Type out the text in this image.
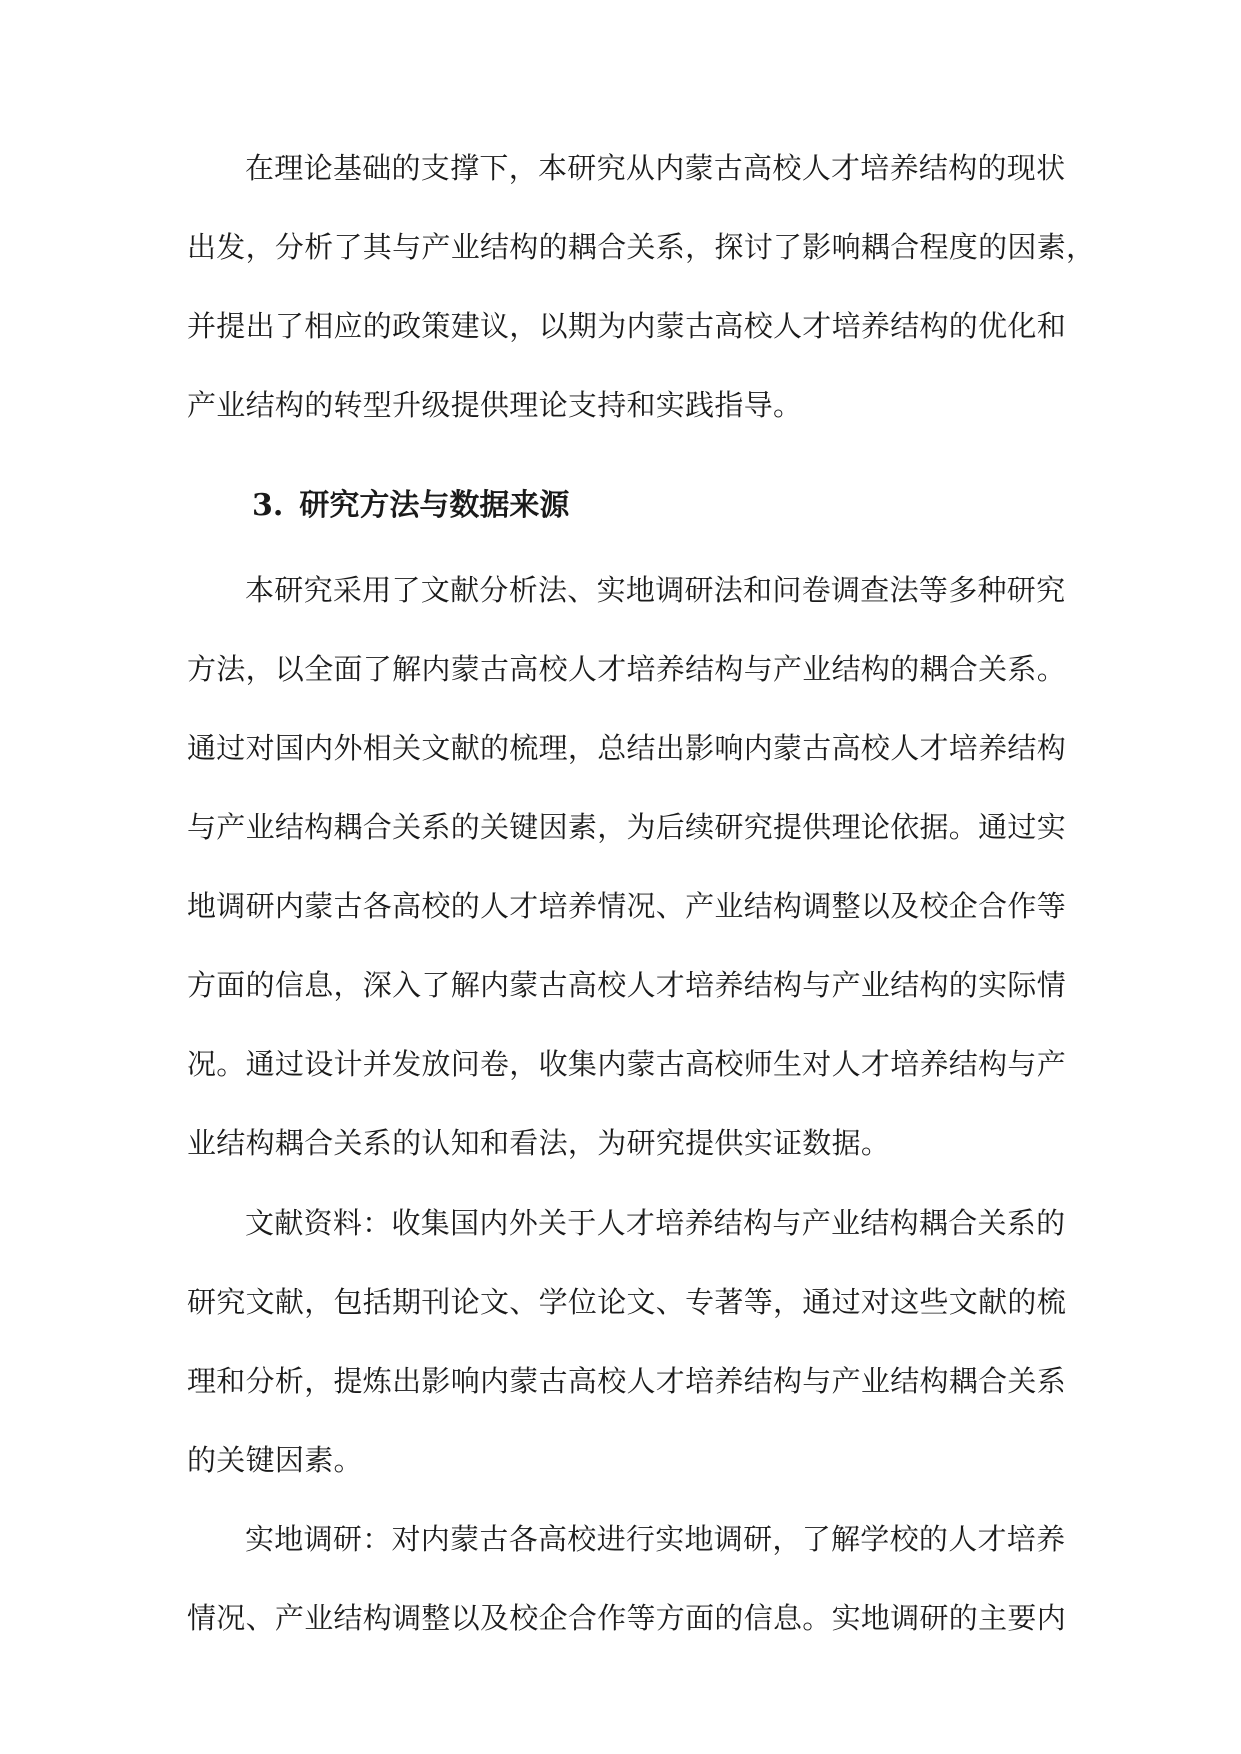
在理论基础的支撑下，本研究从内蒙古高校人才培养结构的现状
出发，分析了其与产业结构的耦合关系，探讨了影响耦合程度的因素，
并提出了相应的政策建议，以期为内蒙古高校人才培养结构的优化和
产业结构的转型升级提供理论支持和实践指导。
3. 研究方法与数据来源
本研究采用了文献分析法、实地调研法和问卷调查法等多种研究
方法，以全面了解内蒙古高校人才培养结构与产业结构的耦合关系。
通过对国内外相关文献的梳理，总结出影响内蒙古高校人才培养结构
与产业结构耦合关系的关键因素，为后续研究提供理论依据。通过实
地调研内蒙古各高校的人才培养情况、产业结构调整以及校企合作等
方面的信息，深入了解内蒙古高校人才培养结构与产业结构的实际情
况。通过设计并发放问卷，收集内蒙古高校师生对人才培养结构与产
业结构耦合关系的认知和看法，为研究提供实证数据。
文献资料：收集国内外关于人才培养结构与产业结构耦合关系的
研究文献，包括期刊论文、学位论文、专著等，通过对这些文献的梳
理和分析，提炼出影响内蒙古高校人才培养结构与产业结构耦合关系
的关键因素。
实地调研：对内蒙古各高校进行实地调研，了解学校的人才培养
情况、产业结构调整以及校企合作等方面的信息。实地调研的主要内
